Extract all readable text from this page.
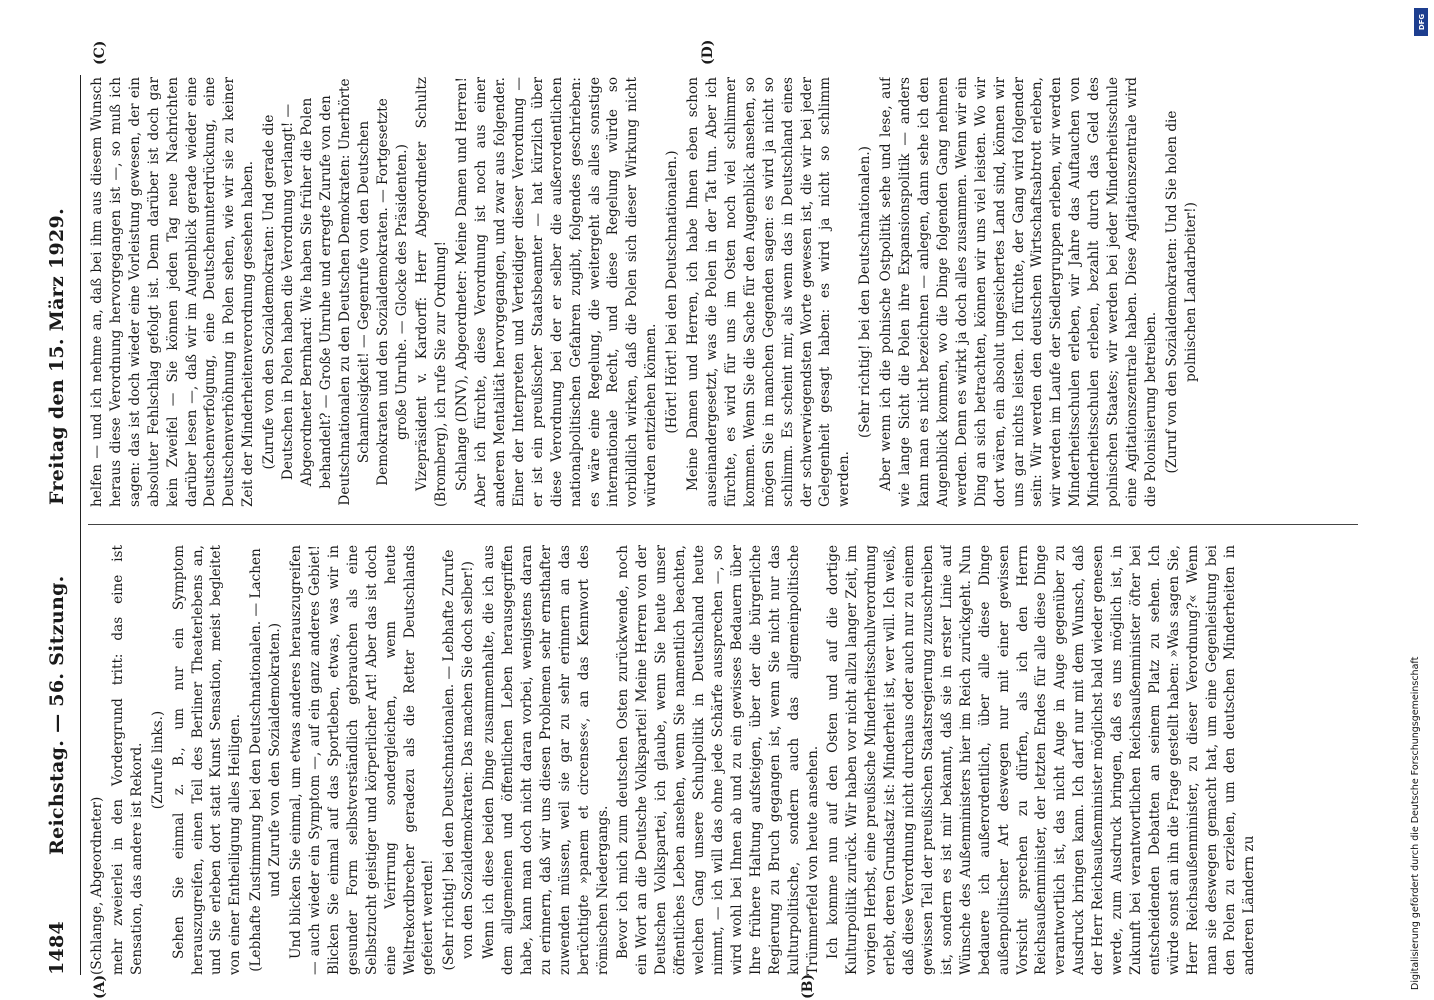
1484
Reichstag. — 56. Sitzung.
Freitag den 15. März 1929.
(A)	(B)

(Schlange, Abgeordneter) mehr zweierlei in den Vordergrund tritt: das eine ist Sensation, das andere ist Rekord. (Zurufe links.) Sehen Sie einmal z. B., um nur ein Symptom herauszugreifen, einen Teil des Berliner Theaterlebens an, und Sie erleben dort statt Kunst Sensation, meist begleitet von einer Entheiligung alles Heiligen. (Lebhafte Zustimmung bei den Deutschnationalen. — Lachen und Zurufe von den Sozialdemokraten.) Und blicken Sie einmal, um etwas anderes herauszugreifen — auch wieder ein Symptom —, auf ein ganz anderes Gebiet! Blicken Sie einmal auf das Sportleben, etwas, was wir in gesunder Form selbstverständlich gebrauchen als eine Selbstzucht geistiger und körperlicher Art! Aber das ist doch eine Verirrung sondergleichen, wenn heute Weltrekordbrecher geradezu als die Retter Deutschlands gefeiert werden! (Sehr richtig! bei den Deutschnationalen. — Lebhafte Zurufe von den Sozialdemokraten: Das machen Sie doch selber!) Wenn ich diese beiden Dinge zusammenhalte, die ich aus dem allgemeinen und öffentlichen Leben herausgegriffen habe, kann man doch nicht daran vorbei, wenigstens daran zu erinnern, daß wir uns diesen Problemen sehr ernsthafter zuwenden müssen, weil sie gar zu sehr erinnern an das berüchtigte »panem et circenses«, an das Kennwort des römischen Niedergangs. Bevor ich mich zum deutschen Osten zurückwende, noch ein Wort an die Deutsche Volkspartei! Meine Herren von der Deutschen Volkspartei, ich glaube, wenn Sie heute unser öffentliches Leben ansehen, wenn Sie namentlich beachten, welchen Gang unsere Schulpolitik in Deutschland heute nimmt, — ich will das ohne jede Schärfe aussprechen —, so wird wohl bei Ihnen ab und zu ein gewisses Bedauern über Ihre frühere Haltung aufsteigen, über der die bürgerliche Regierung zu Bruch gegangen ist, wenn Sie nicht nur das kulturpolitische, sondern auch das allgemeinpolitische Trümmerfeld von heute ansehen. Ich komme nun auf den Osten und auf die dortige Kulturpolitik zurück. Wir haben vor nicht allzu langer Zeit, im vorigen Herbst, eine preußische Minderheitsschulverordnung erlebt, deren Grundsatz ist: Minderheit ist, wer will. Ich weiß, daß diese Verordnung nicht durchaus oder auch nur zu einem gewissen Teil der preußischen Staatsregierung zuzuschreiben ist, sondern es ist mir bekannt, daß sie in erster Linie auf Wünsche des Außenministers hier im Reich zurückgeht. Nun bedauere ich außerordentlich, über alle diese Dinge außenpolitischer Art deswegen nur mit einer gewissen Vorsicht sprechen zu dürfen, als ich den Herrn Reichsaußenminister, der letzten Endes für alle diese Dinge verantwortlich ist, das nicht Auge in Auge gegenüber zu Ausdruck bringen kann. Ich darf nur mit dem Wunsch, daß der Herr Reichsaußenminister möglichst bald wieder genesen werde, zum Ausdruck bringen, daß es uns möglich ist, in Zukunft bei verantwortlichen Reichsaußenminister öfter bei entscheidenden Debatten an seinem Platz zu sehen. Ich würde sonst an ihn die Frage gestellt haben: »Was sagen Sie, Herr Reichsaußenminister, zu dieser Verordnung?« Wenn man sie deswegen gemacht hat, um eine Gegenleistung bei den Polen zu erzielen, um den deutschen Minderheiten in anderen Ländern zu

(C)	(D)

helfen — und ich nehme an, daß bei ihm aus diesem Wunsch heraus diese Verordnung hervorgegangen ist —, so muß ich sagen: das ist doch wieder eine Vorleistung gewesen, der ein absoluter Fehlschlag gefolgt ist. Denn darüber ist doch gar kein Zweifel — Sie können jeden Tag neue Nachrichten darüber lesen —, daß wir im Augenblick gerade wieder eine Deutschenverfolgung, eine Deutschenunterdrückung, eine Deutschenverhöhnung in Polen sehen, wie wir sie zu keiner Zeit der Minderheitenverordnung gesehen haben. (Zurufe von den Sozialdemokraten: Und gerade die Deutschen in Polen haben die Verordnung verlangt! — Abgeordneter Bernhard: Wie haben Sie früher die Polen behandelt? — Große Unruhe und erregte Zurufe von den Deutschnationalen zu den Deutschen Demokraten: Unerhörte Schamlosigkeit! — Gegenrufe von den Deutschen Demokraten und den Sozialdemokraten. — Fortgesetzte große Unruhe. — Glocke des Präsidenten.) Vizepräsident v. Kardorff: Herr Abgeordneter Schultz (Bromberg), ich rufe Sie zur Ordnung! Schlange (DNV), Abgeordneter: Meine Damen und Herren! Aber ich fürchte, diese Verordnung ist noch aus einer anderen Mentalität hervorgegangen, und zwar aus folgender. Einer der Interpreten und Verteidiger dieser Verordnung — er ist ein preußischer Staatsbeamter — hat kürzlich über diese Verordnung bei der er selber die außerordentlichen nationalpolitischen Gefahren zugibt, folgendes geschrieben: es wäre eine Regelung, die weitergeht als alles sonstige internationale Recht, und diese Regelung würde so vorbildlich wirken, daß die Polen sich dieser Wirkung nicht würden entziehen können. (Hört! Hört! bei den Deutschnationalen.) Meine Damen und Herren, ich habe Ihnen eben schon auseinandergesetzt, was die Polen in der Tat tun. Aber ich fürchte, es wird für uns im Osten noch viel schlimmer kommen. Wenn Sie die Sache für den Augenblick ansehen, so mögen Sie in manchen Gegenden sagen: es wird ja nicht so schlimm. Es scheint mir, als wenn das in Deutschland eines der schwerwiegendsten Worte gewesen ist, die wir bei jeder Gelegenheit gesagt haben: es wird ja nicht so schlimm werden.

(Sehr richtig! bei den Deutschnationalen.) Aber wenn ich die polnische Ostpolitik sehe und lese, auf wie lange Sicht die Polen ihre Expansionspolitik — anders kann man es nicht bezeichnen — anlegen, dann sehe ich den Augenblick kommen, wo die Dinge folgenden Gang nehmen werden. Denn es wirkt ja doch alles zusammen. Wenn wir ein Ding an sich betrachten, können wir uns viel leisten. Wo wir dort wären, ein absolut ungesichertes Land sind, können wir uns gar nichts leisten. Ich fürchte, der Gang wird folgender sein: Wir werden den deutschen Wirtschaftsabtrott erleben, wir werden im Laufe der Siedlergruppen erleben, wir werden Minderheitsschulen erleben, wir Jahre das Auftauchen von Minderheitsschulen erleben, bezahlt durch das Geld des polnischen Staates; wir werden bei jeder Minderheitsschule eine Agitationszentrale haben. Diese Agitationszentrale wird die Polonisierung betreiben. (Zuruf von den Sozialdemokraten: Und Sie holen die polnischen Landarbeiter!)

DFG
Digitalisierung gefördert durch die Deutsche Forschungsgemeinschaft
